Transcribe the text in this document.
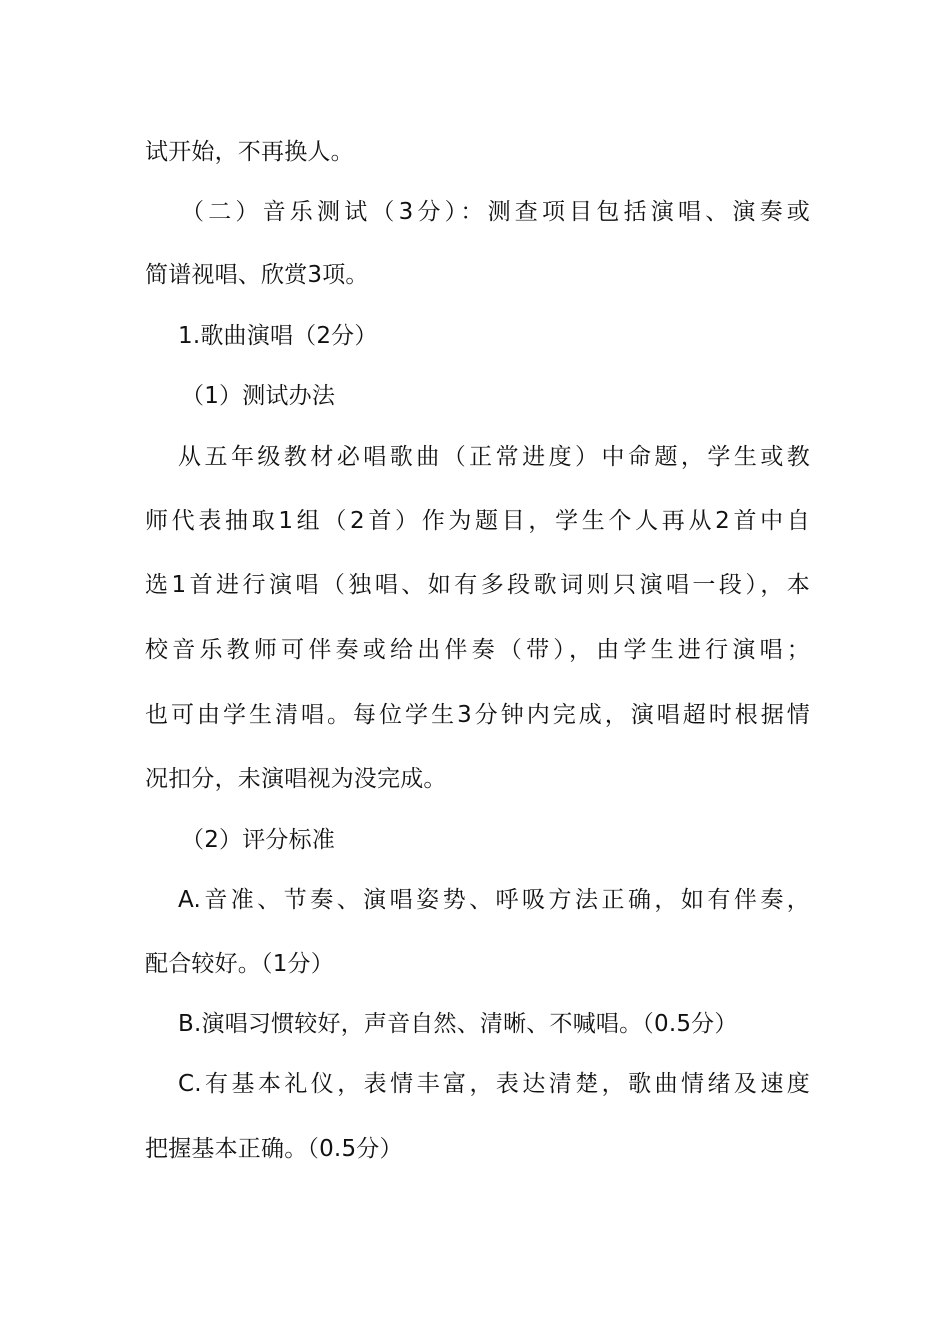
试开始，不再换人。
（二）音乐测试（3分）：测查项目包括演唱、演奏或
简谱视唱、欣赏3项。
1.歌曲演唱（2分）
（1）测试办法
从五年级教材必唱歌曲（正常进度）中命题，学生或教
师代表抽取1组（2首）作为题目，学生个人再从2首中自
选1首进行演唱（独唱、如有多段歌词则只演唱一段），本
校音乐教师可伴奏或给出伴奏（带），由学生进行演唱；
也可由学生清唱。每位学生3分钟内完成，演唱超时根据情
况扣分，未演唱视为没完成。
（2）评分标准
A.音准、节奏、演唱姿势、呼吸方法正确，如有伴奏，
配合较好。（1分）
B.演唱习惯较好，声音自然、清晰、不喊唱。（0.5分）
C.有基本礼仪，表情丰富，表达清楚，歌曲情绪及速度
把握基本正确。（0.5分）
